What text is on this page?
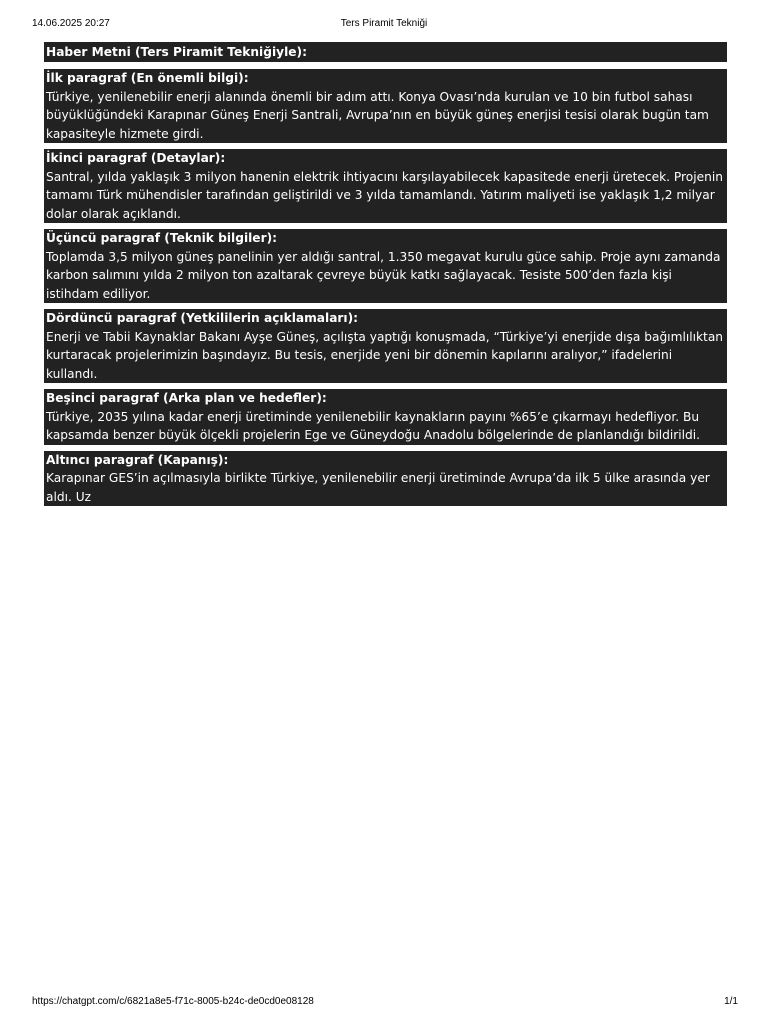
14.06.2025 20:27	Ters Piramit Tekniği
Haber Metni (Ters Piramit Tekniğiyle):
İlk paragraf (En önemli bilgi):
Türkiye, yenilenebilir enerji alanında önemli bir adım attı. Konya Ovası’nda kurulan ve 10 bin futbol sahası büyüklüğündeki Karapınar Güneş Enerji Santrali, Avrupa’nın en büyük güneş enerjisi tesisi olarak bugün tam kapasiteyle hizmete girdi.
İkinci paragraf (Detaylar):
Santral, yılda yaklaşık 3 milyon hanenin elektrik ihtiyacını karşılayabilecek kapasitede enerji üretecek. Projenin tamamı Türk mühendisler tarafından geliştirildi ve 3 yılda tamamlandı. Yatırım maliyeti ise yaklaşık 1,2 milyar dolar olarak açıklandı.
Üçüncü paragraf (Teknik bilgiler):
Toplamda 3,5 milyon güneş panelinin yer aldığı santral, 1.350 megavat kurulu güce sahip. Proje aynı zamanda karbon salımını yılda 2 milyon ton azaltarak çevreye büyük katkı sağlayacak. Tesiste 500’den fazla kişi istihdam ediliyor.
Dördüncü paragraf (Yetkililerin açıklamaları):
Enerji ve Tabii Kaynaklar Bakanı Ayşe Güneş, açılışta yaptığı konuşmada, “Türkiye’yi enerjide dışa bağımlılıktan kurtaracak projelerimizin başındayız. Bu tesis, enerjide yeni bir dönemin kapılarını aralıyor,” ifadelerini kullandı.
Beşinci paragraf (Arka plan ve hedefler):
Türkiye, 2035 yılına kadar enerji üretiminde yenilenebilir kaynakların payını %65’e çıkarmayı hedefliyor. Bu kapsamda benzer büyük ölçekli projelerin Ege ve Güneydoğu Anadolu bölgelerinde de planlandığı bildirildi.
Altıncı paragraf (Kapanış):
Karapınar GES’in açılmasıyla birlikte Türkiye, yenilenebilir enerji üretiminde Avrupa’da ilk 5 ülke arasında yer aldı. Uz
https://chatgpt.com/c/6821a8e5-f71c-8005-b24c-de0cd0e08128	1/1
